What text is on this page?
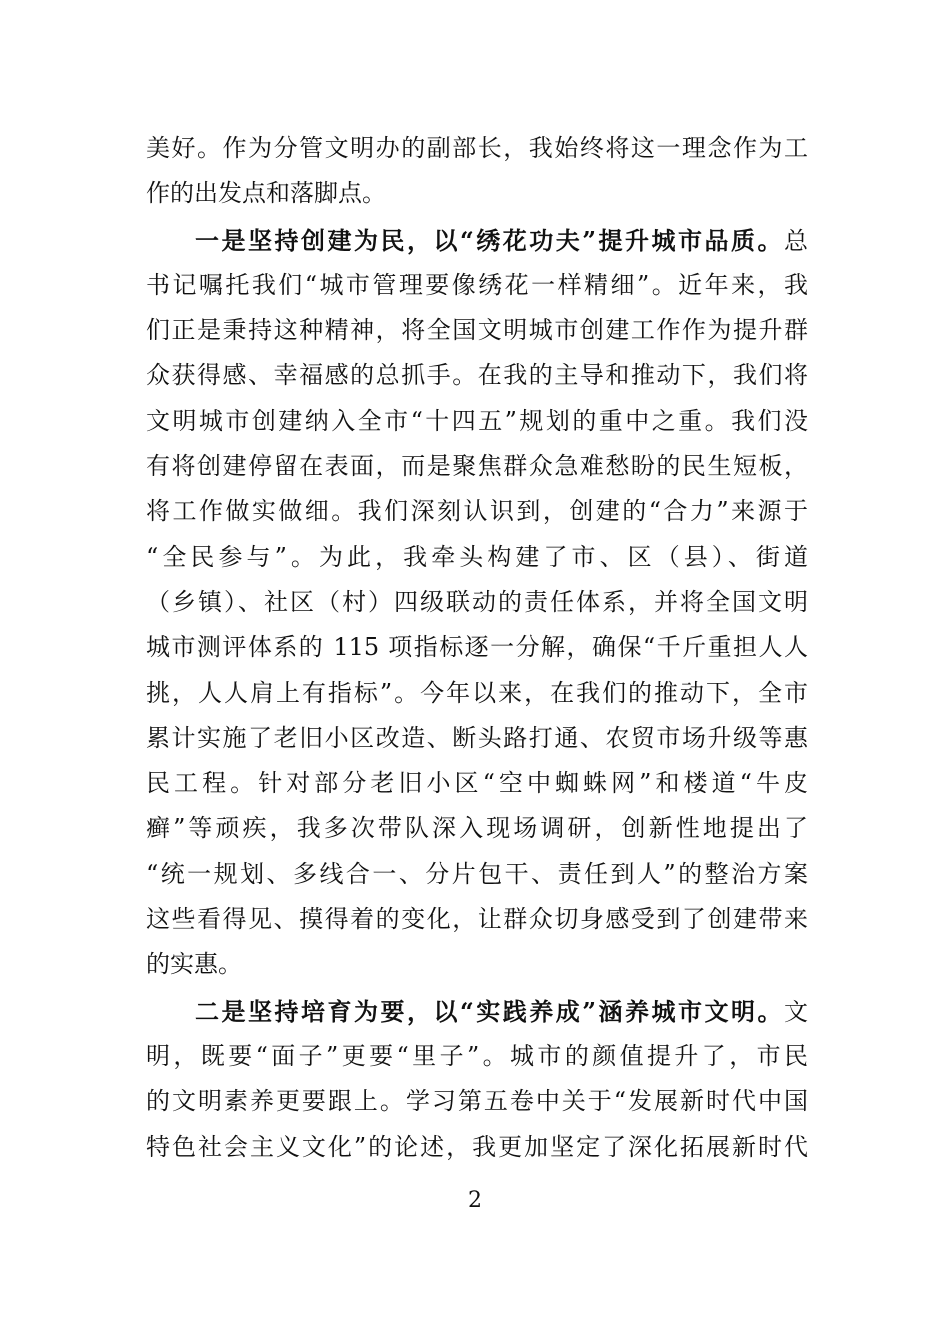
美好。作为分管文明办的副部长，我始终将这一理念作为工
作的出发点和落脚点。
一是坚持创建为民，以“绣花功夫”提升城市品质。总
书记嘱托我们“城市管理要像绣花一样精细”。近年来，我
们正是秉持这种精神，将全国文明城市创建工作作为提升群
众获得感、幸福感的总抓手。在我的主导和推动下，我们将
文明城市创建纳入全市“十四五”规划的重中之重。我们没
有将创建停留在表面，而是聚焦群众急难愁盼的民生短板，
将工作做实做细。我们深刻认识到，创建的“合力”来源于
“全民参与”。为此，我牵头构建了市、区（县）、街道
（乡镇）、社区（村）四级联动的责任体系，并将全国文明
城市测评体系的 115 项指标逐一分解，确保“千斤重担人人
挑，人人肩上有指标”。今年以来，在我们的推动下，全市
累计实施了老旧小区改造、断头路打通、农贸市场升级等惠
民工程。针对部分老旧小区“空中蜘蛛网”和楼道“牛皮
癣”等顽疾，我多次带队深入现场调研，创新性地提出了
“统一规划、多线合一、分片包干、责任到人”的整治方案
这些看得见、摸得着的变化，让群众切身感受到了创建带来
的实惠。
二是坚持培育为要，以“实践养成”涵养城市文明。文
明，既要“面子”更要“里子”。城市的颜值提升了，市民
的文明素养更要跟上。学习第五卷中关于“发展新时代中国
特色社会主义文化”的论述，我更加坚定了深化拓展新时代
2
